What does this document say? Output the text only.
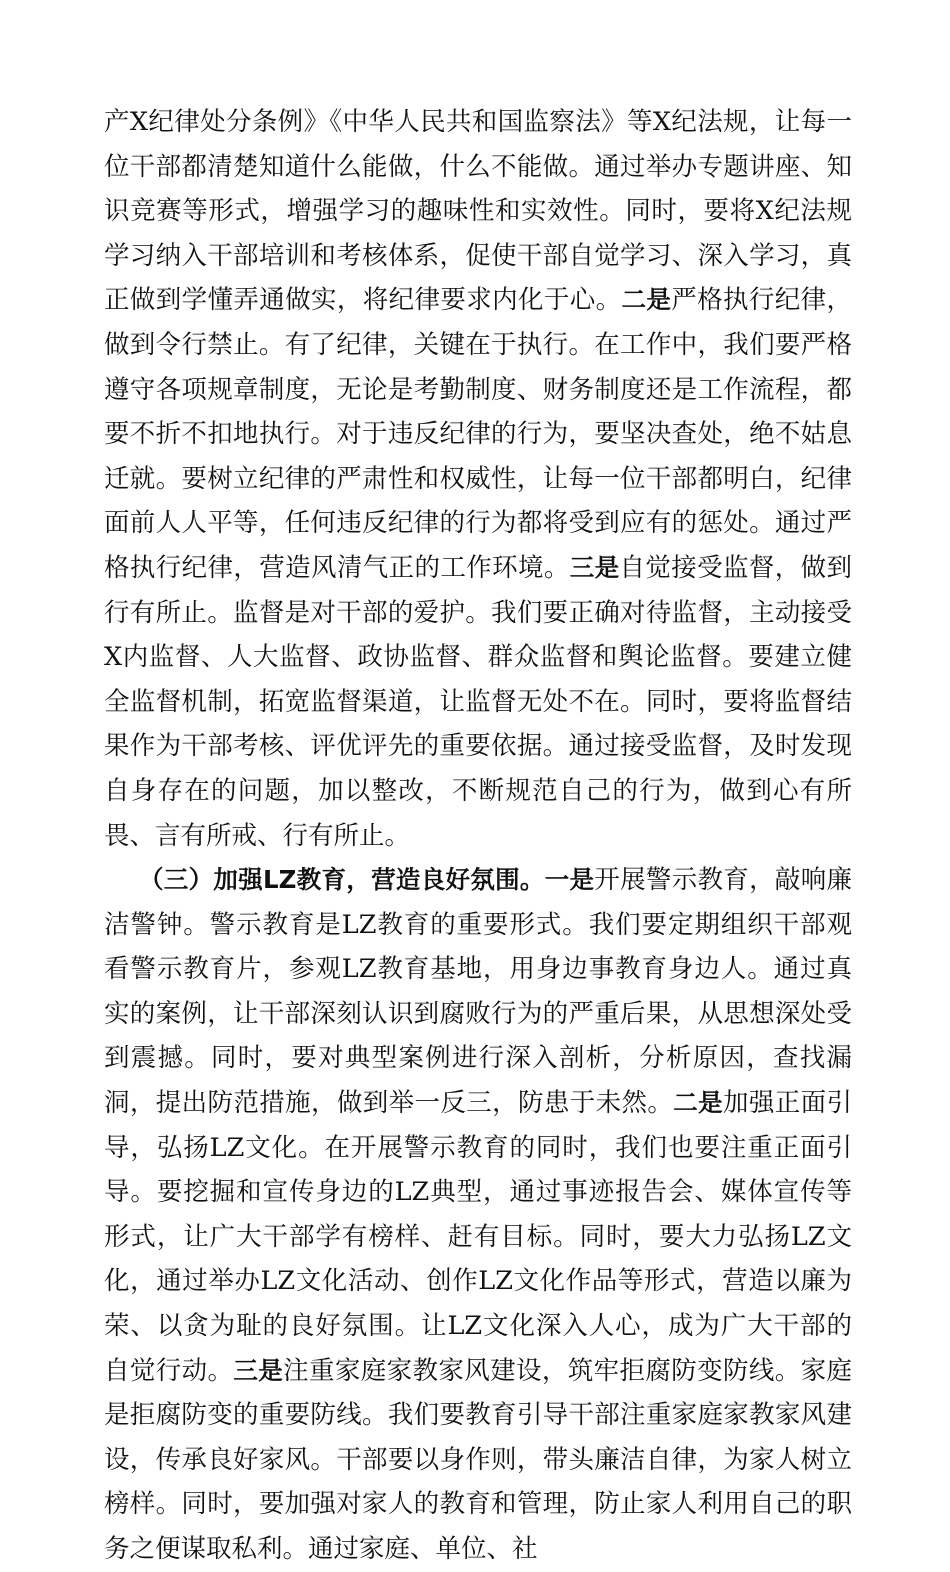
产X纪律处分条例》《中华人民共和国监察法》等X纪法规，让每一位干部都清楚知道什么能做，什么不能做。通过举办专题讲座、知识竞赛等形式，增强学习的趣味性和实效性。同时，要将X纪法规学习纳入干部培训和考核体系，促使干部自觉学习、深入学习，真正做到学懂弄通做实，将纪律要求内化于心。二是严格执行纪律，做到令行禁止。有了纪律，关键在于执行。在工作中，我们要严格遵守各项规章制度，无论是考勤制度、财务制度还是工作流程，都要不折不扣地执行。对于违反纪律的行为，要坚决查处，绝不姑息迁就。要树立纪律的严肃性和权威性，让每一位干部都明白，纪律面前人人平等，任何违反纪律的行为都将受到应有的惩处。通过严格执行纪律，营造风清气正的工作环境。三是自觉接受监督，做到行有所止。监督是对干部的爱护。我们要正确对待监督，主动接受X内监督、人大监督、政协监督、群众监督和舆论监督。要建立健全监督机制，拓宽监督渠道，让监督无处不在。同时，要将监督结果作为干部考核、评优评先的重要依据。通过接受监督，及时发现自身存在的问题，加以整改，不断规范自己的行为，做到心有所畏、言有所戒、行有所止。

（三）加强LZ教育，营造良好氛围。一是开展警示教育，敲响廉洁警钟。警示教育是LZ教育的重要形式。我们要定期组织干部观看警示教育片，参观LZ教育基地，用身边事教育身边人。通过真实的案例，让干部深刻认识到腐败行为的严重后果，从思想深处受到震撼。同时，要对典型案例进行深入剖析，分析原因，查找漏洞，提出防范措施，做到举一反三，防患于未然。二是加强正面引导，弘扬LZ文化。在开展警示教育的同时，我们也要注重正面引导。要挖掘和宣传身边的LZ典型，通过事迹报告会、媒体宣传等形式，让广大干部学有榜样、赶有目标。同时，要大力弘扬LZ文化，通过举办LZ文化活动、创作LZ文化作品等形式，营造以廉为荣、以贪为耻的良好氛围。让LZ文化深入人心，成为广大干部的自觉行动。三是注重家庭家教家风建设，筑牢拒腐防变防线。家庭是拒腐防变的重要防线。我们要教育引导干部注重家庭家教家风建设，传承良好家风。干部要以身作则，带头廉洁自律，为家人树立榜样。同时，要加强对家人的教育和管理，防止家人利用自己的职务之便谋取私利。通过家庭、单位、社
